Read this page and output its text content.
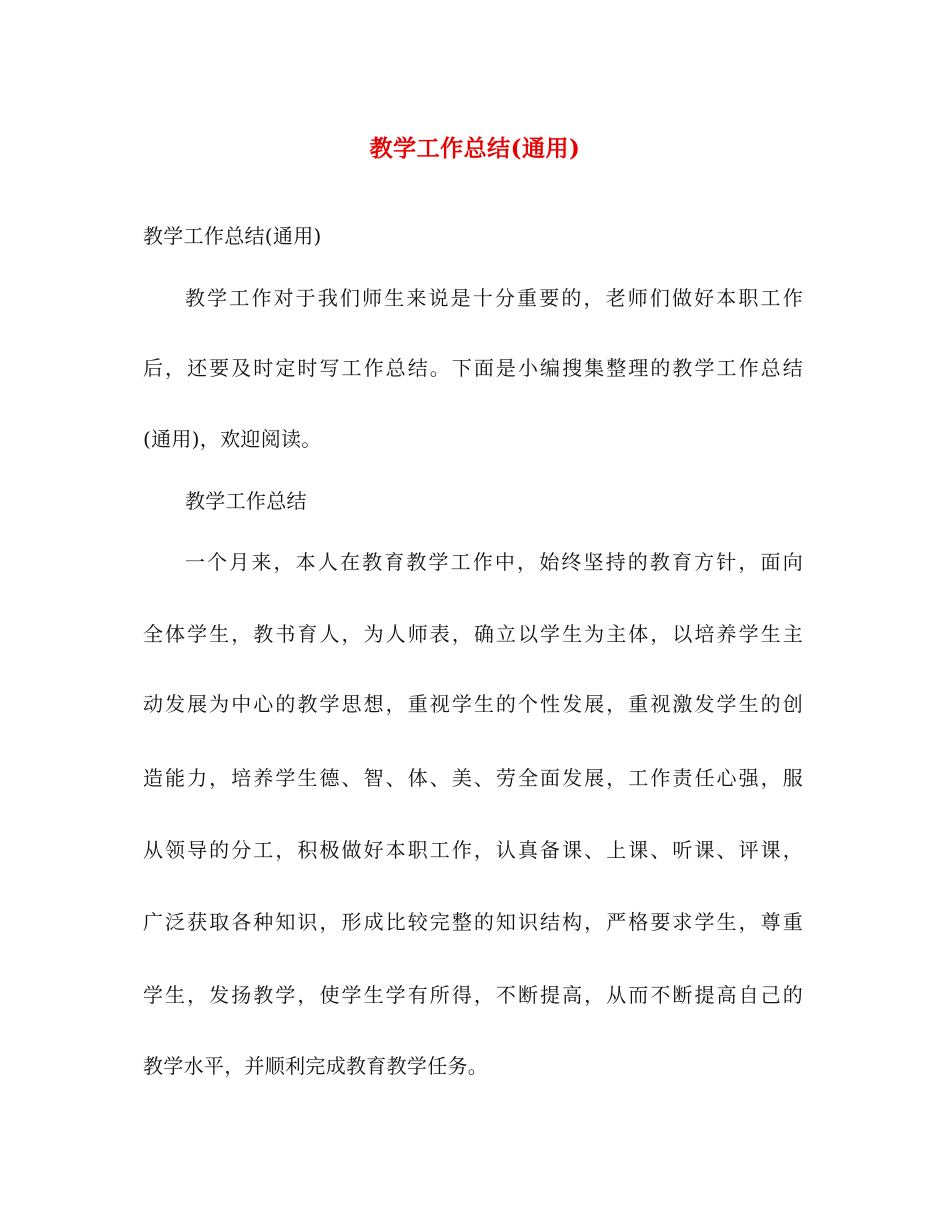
教学工作总结(通用)
教学工作总结(通用)
教学工作对于我们师生来说是十分重要的，老师们做好本职工作
后，还要及时定时写工作总结。下面是小编搜集整理的教学工作总结
(通用)，欢迎阅读。
教学工作总结
一个月来，本人在教育教学工作中，始终坚持的教育方针，面向
全体学生，教书育人，为人师表，确立以学生为主体，以培养学生主
动发展为中心的教学思想，重视学生的个性发展，重视激发学生的创
造能力，培养学生德、智、体、美、劳全面发展，工作责任心强，服
从领导的分工，积极做好本职工作，认真备课、上课、听课、评课，
广泛获取各种知识，形成比较完整的知识结构，严格要求学生，尊重
学生，发扬教学，使学生学有所得，不断提高，从而不断提高自己的
教学水平，并顺利完成教育教学任务。
